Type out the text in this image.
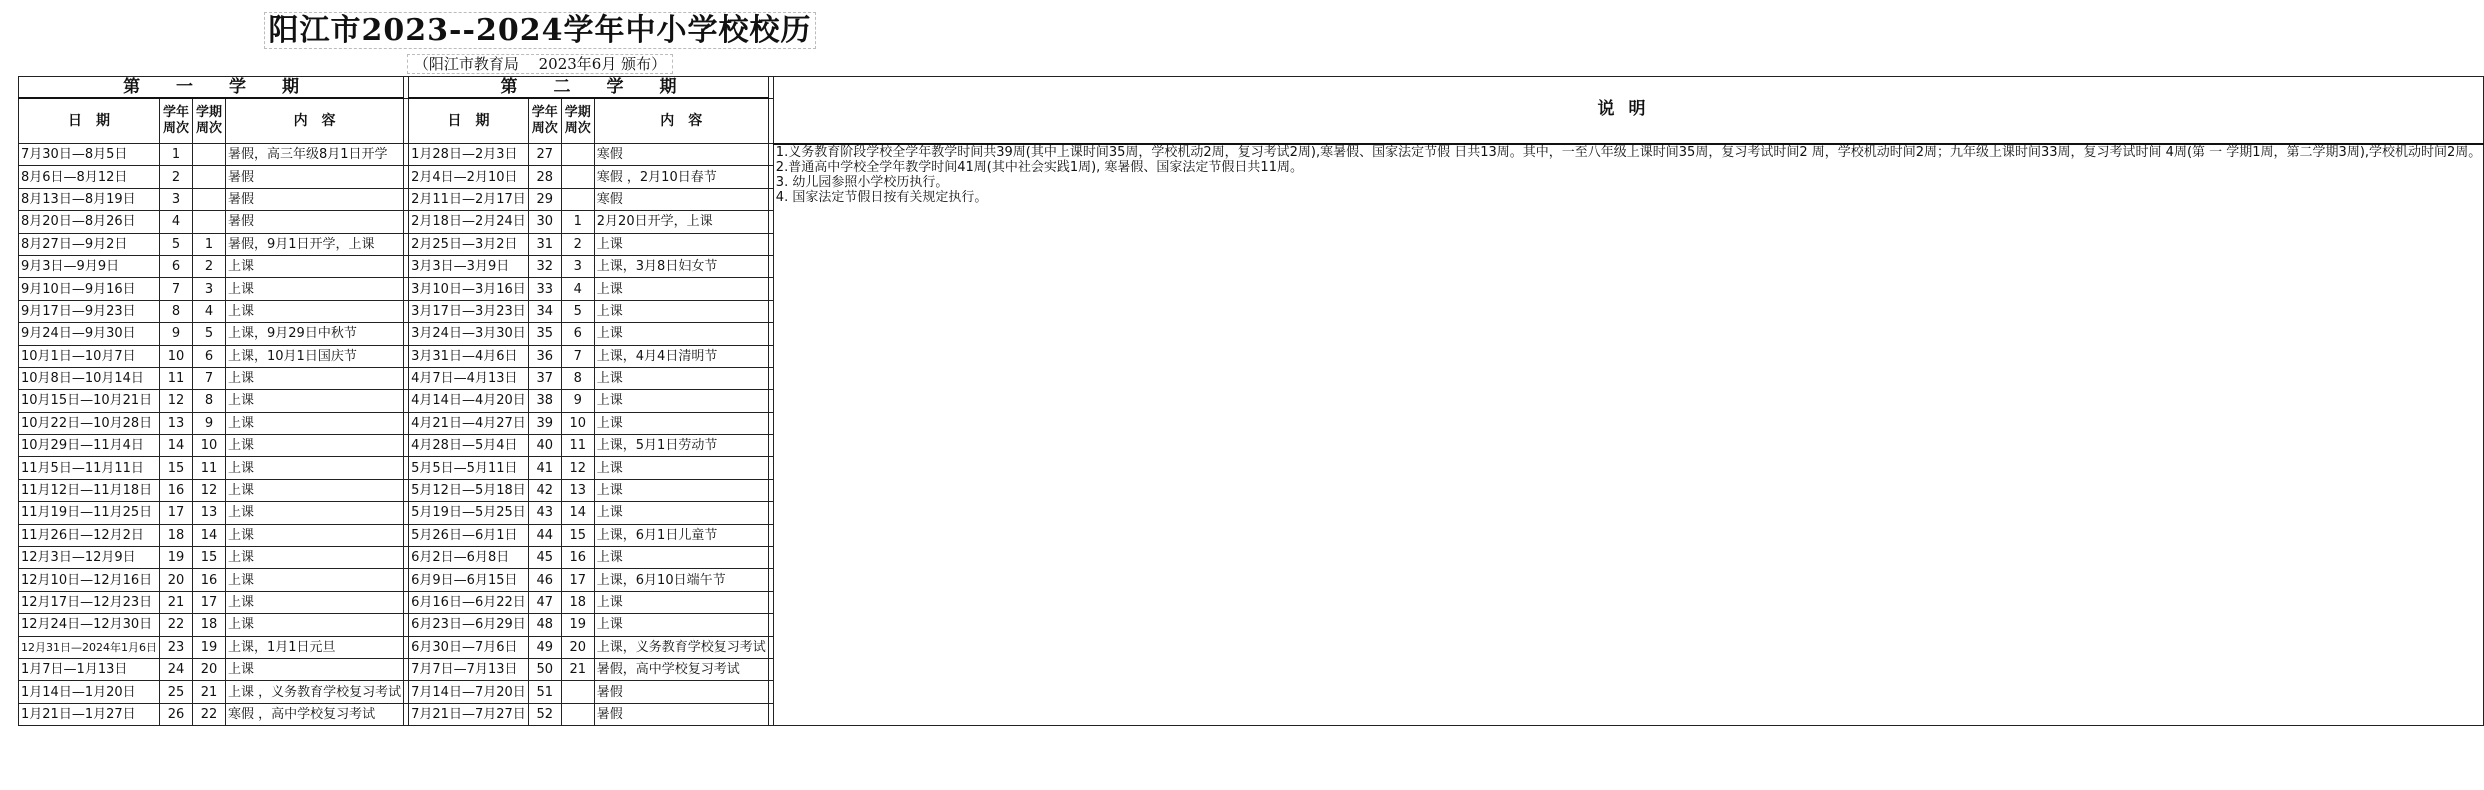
阳江市2023--2024学年中小学校校历
（阳江市教育局　 2023年6月 颁布）
第一学期					第二学期					说明
日期	学年周次	学期周次	内容		日期	学年周次	学期周次	内容		
7月30日—8月5日	1		暑假，高三年级8月1日开学		1月28日—2月3日	27		寒假		1.义务教育阶段学校全学年教学时间共39周(其中上课时间35周，学校机动2周，复习考试2周),寒暑假、国家法定节假 日共13周。其中，一至八年级上课时间35周，复习考试时间2 周，学校机动时间2周；九年级上课时间33周，复习考试时间 4周(第 一 学期1周，第二学期3周),学校机动时间2周。

2.普通高中学校全学年教学时间41周(其中社会实践1周), 寒暑假、国家法定节假日共11周。

3. 幼儿园参照小学校历执行。

4. 国家法定节假日按有关规定执行。

8月6日—8月12日	2		暑假		2月4日—2月10日	28		寒假 ，2月10日春节		
8月13日—8月19日	3		暑假		2月11日—2月17日	29		寒假		
8月20日—8月26日	4		暑假		2月18日—2月24日	30	1	2月20日开学，上课		
8月27日—9月2日	5	1	暑假，9月1日开学，上课		2月25日—3月2日	31	2	上课		
9月3日—9月9日	6	2	上课		3月3日—3月9日	32	3	上课，3月8日妇女节		
9月10日—9月16日	7	3	上课		3月10日—3月16日	33	4	上课		
9月17日—9月23日	8	4	上课		3月17日—3月23日	34	5	上课		
9月24日—9月30日	9	5	上课，9月29日中秋节		3月24日—3月30日	35	6	上课		
10月1日—10月7日	10	6	上课，10月1日国庆节		3月31日—4月6日	36	7	上课，4月4日清明节		
10月8日—10月14日	11	7	上课		4月7日—4月13日	37	8	上课		
10月15日—10月21日	12	8	上课		4月14日—4月20日	38	9	上课		
10月22日—10月28日	13	9	上课		4月21日—4月27日	39	10	上课		
10月29日—11月4日	14	10	上课		4月28日—5月4日	40	11	上课，5月1日劳动节		
11月5日—11月11日	15	11	上课		5月5日—5月11日	41	12	上课		
11月12日—11月18日	16	12	上课		5月12日—5月18日	42	13	上课		
11月19日—11月25日	17	13	上课		5月19日—5月25日	43	14	上课		
11月26日—12月2日	18	14	上课		5月26日—6月1日	44	15	上课，6月1日儿童节		
12月3日—12月9日	19	15	上课		6月2日—6月8日	45	16	上课		
12月10日—12月16日	20	16	上课		6月9日—6月15日	46	17	上课，6月10日端午节		
12月17日—12月23日	21	17	上课		6月16日—6月22日	47	18	上课		
12月24日—12月30日	22	18	上课		6月23日—6月29日	48	19	上课		
12月31日—2024年1月6日	23	19	上课，1月1日元旦		6月30日—7月6日	49	20	上课，义务教育学校复习考试		
1月7日—1月13日	24	20	上课		7月7日—7月13日	50	21	暑假，高中学校复习考试		
1月14日—1月20日	25	21	上课 ，义务教育学校复习考试		7月14日—7月20日	51		暑假		
1月21日—1月27日	26	22	寒假 ，高中学校复习考试		7月21日—7月27日	52		暑假		
